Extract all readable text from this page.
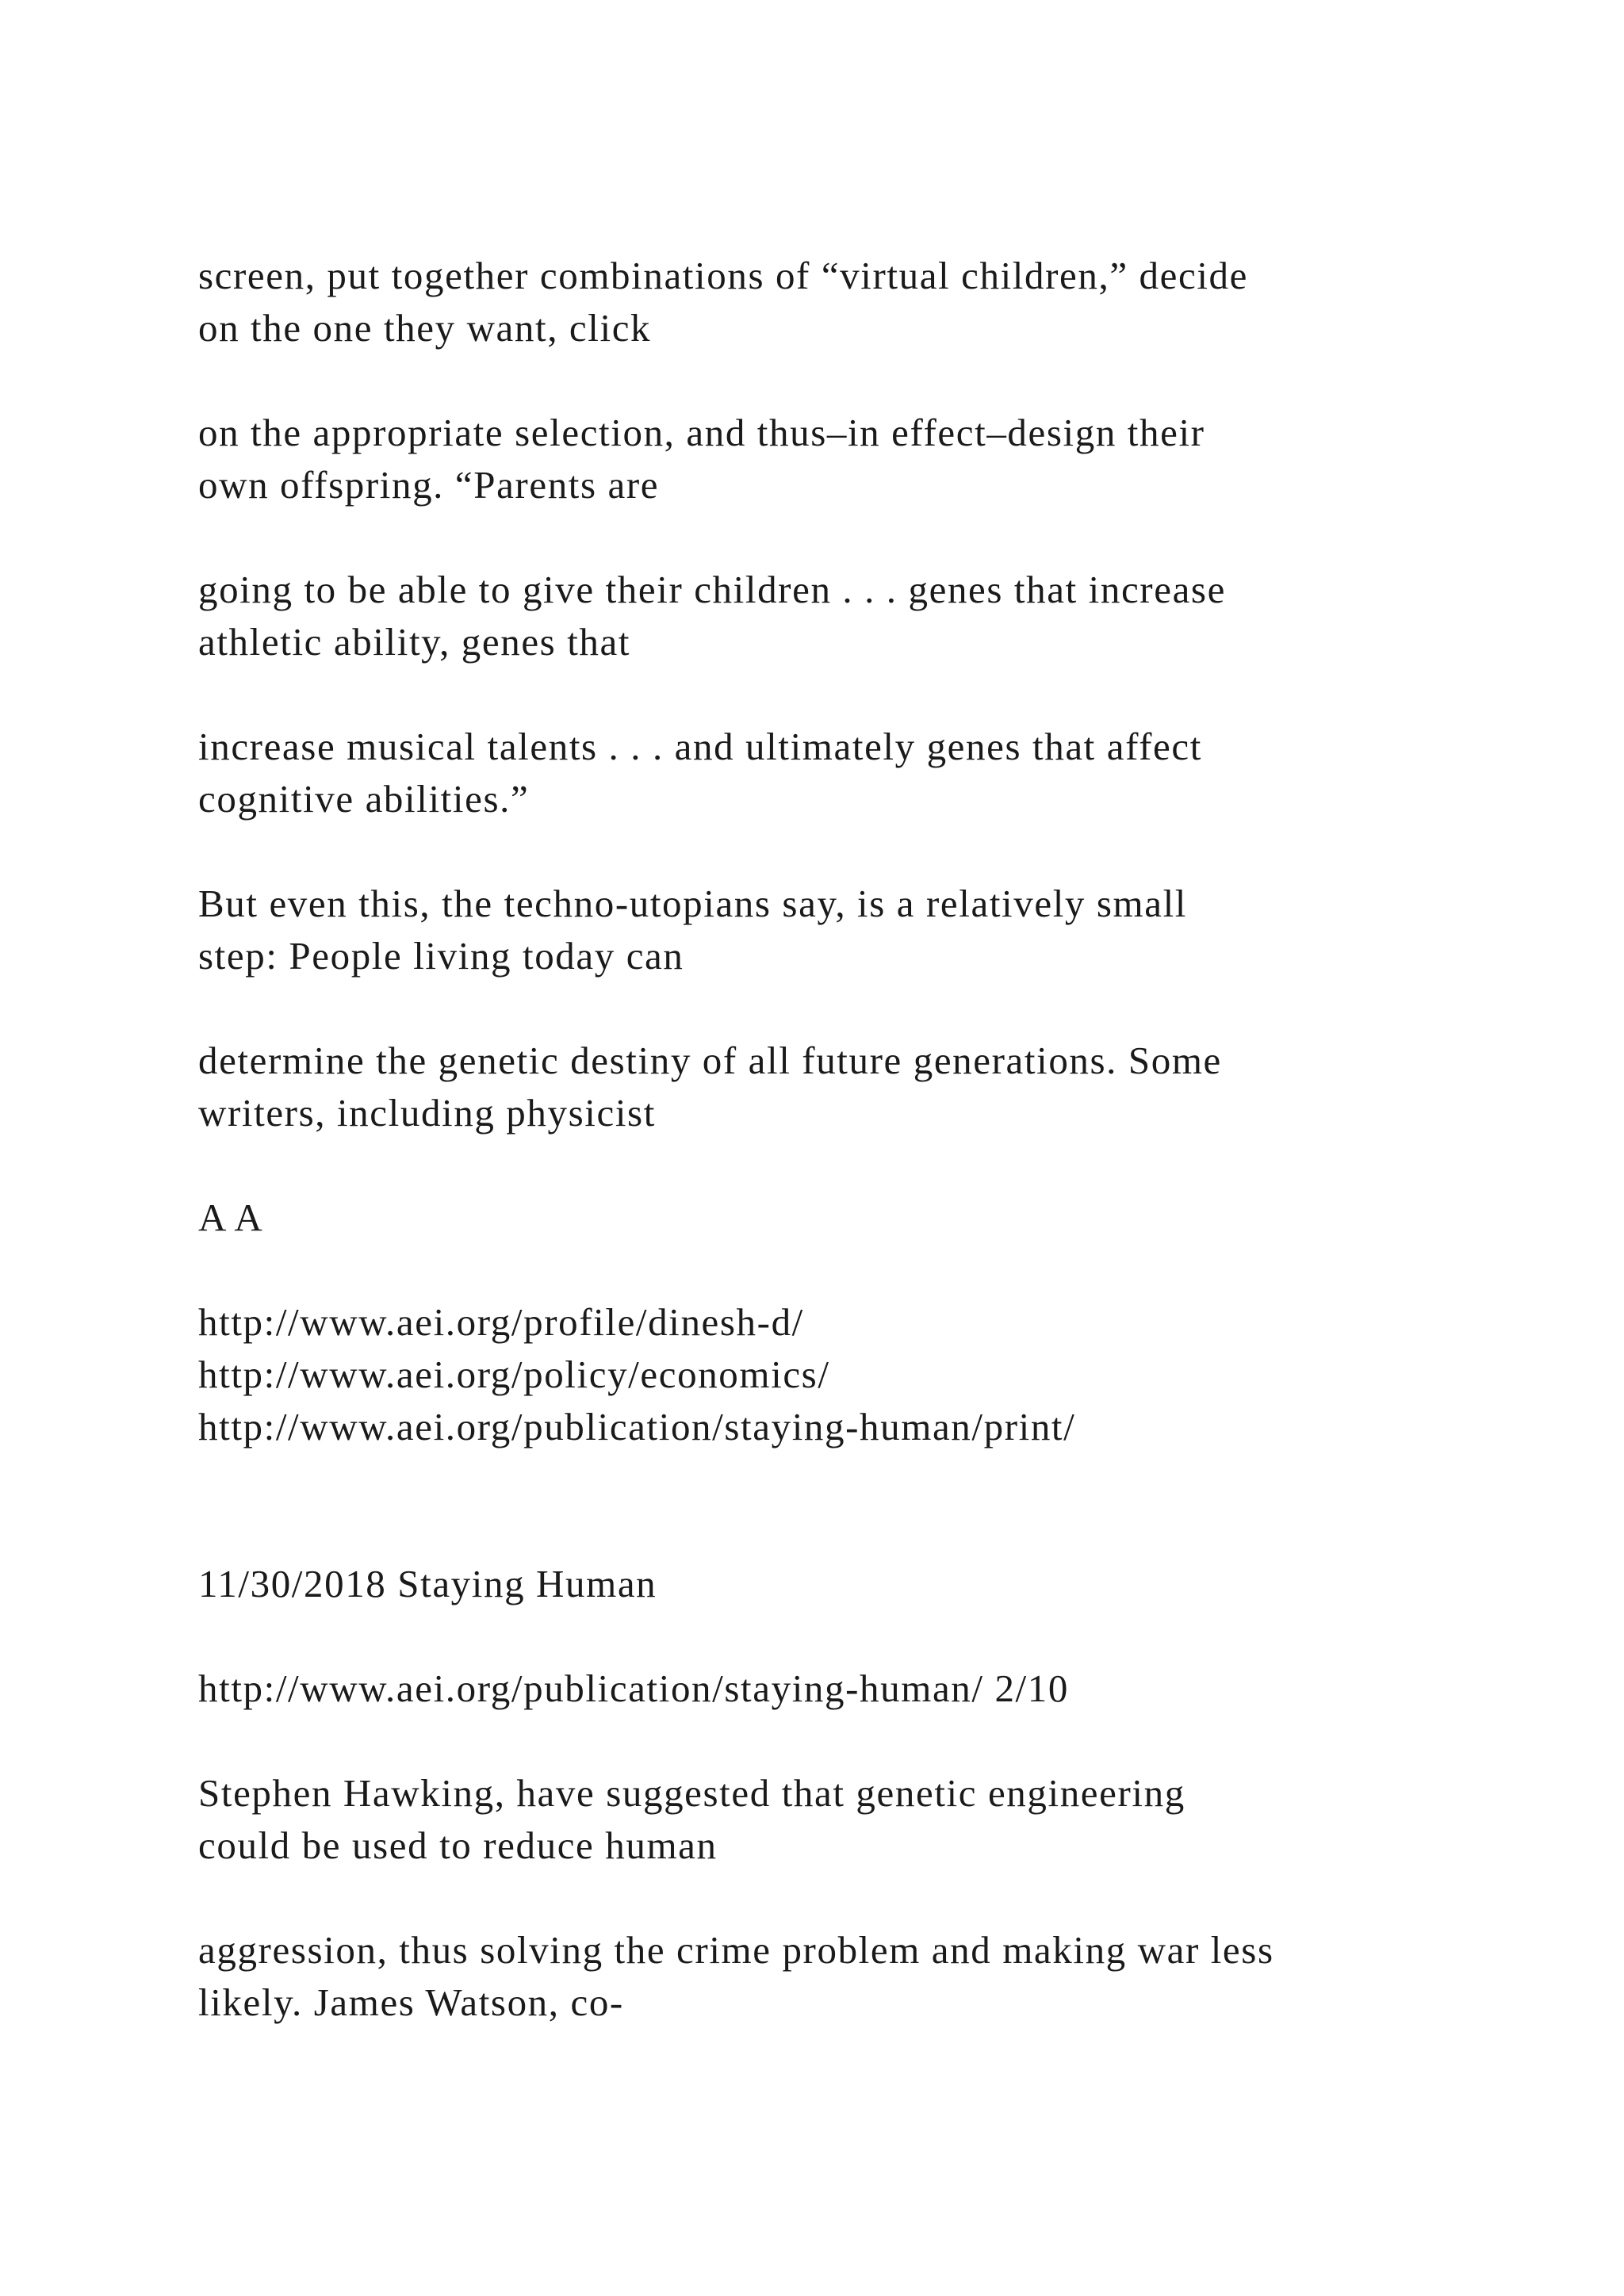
screen, put together combinations of “virtual children,” decide
on the one they want, click
on the appropriate selection, and thus–in effect–design their
own offspring. “Parents are
going to be able to give their children . . . genes that increase
athletic ability, genes that
increase musical talents . . . and ultimately genes that affect
cognitive abilities.”
But even this, the techno-utopians say, is a relatively small
step: People living today can
determine the genetic destiny of all future generations. Some
writers, including physicist
A A
http://www.aei.org/profile/dinesh-d/
http://www.aei.org/policy/economics/
http://www.aei.org/publication/staying-human/print/
11/30/2018 Staying Human
http://www.aei.org/publication/staying-human/ 2/10
Stephen Hawking, have suggested that genetic engineering
could be used to reduce human
aggression, thus solving the crime problem and making war less
likely. James Watson, co-
